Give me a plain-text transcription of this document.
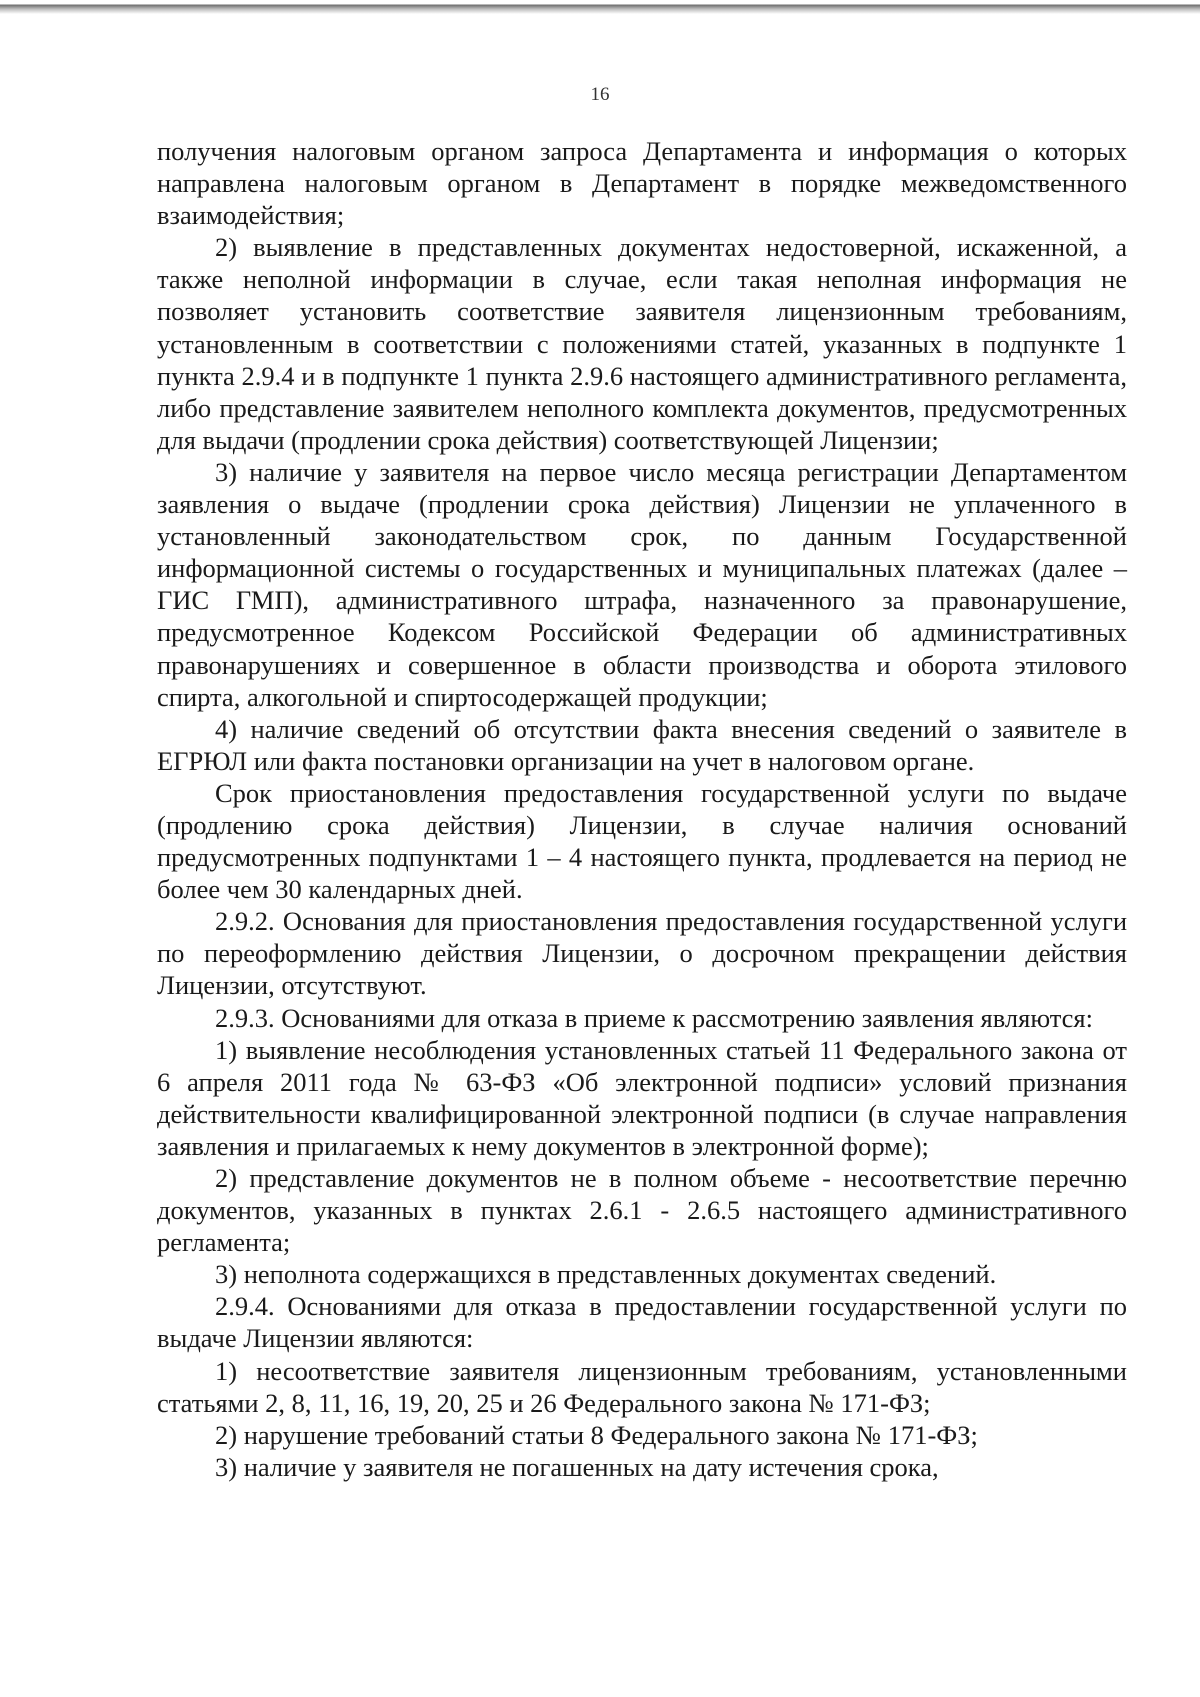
16

получения налоговым органом запроса Департамента и информация о которых направлена налоговым органом в Департамент в порядке межведомственного взаимодействия;

2) выявление в представленных документах недостоверной, искаженной, а также неполной информации в случае, если такая неполная информация не позволяет установить соответствие заявителя лицензионным требованиям, установленным в соответствии с положениями статей, указанных в подпункте 1 пункта 2.9.4 и в подпункте 1 пункта 2.9.6 настоящего административного регламента, либо представление заявителем неполного комплекта документов, предусмотренных для выдачи (продлении срока действия) соответствующей Лицензии;

3) наличие у заявителя на первое число месяца регистрации Департаментом заявления о выдаче (продлении срока действия) Лицензии не уплаченного в установленный законодательством срок, по данным Государственной информационной системы о государственных и муниципальных платежах (далее – ГИС ГМП), административного штрафа, назначенного за правонарушение, предусмотренное Кодексом Российской Федерации об административных правонарушениях и совершенное в области производства и оборота этилового спирта, алкогольной и спиртосодержащей продукции;

4) наличие сведений об отсутствии факта внесения сведений о заявителе в ЕГРЮЛ или факта постановки организации на учет в налоговом органе.

Срок приостановления предоставления государственной услуги по выдаче (продлению срока действия) Лицензии, в случае наличия оснований предусмотренных подпунктами 1 – 4 настоящего пункта, продлевается на период не более чем 30 календарных дней.

2.9.2. Основания для приостановления предоставления государственной услуги по переоформлению действия Лицензии, о досрочном прекращении действия Лицензии, отсутствуют.

2.9.3. Основаниями для отказа в приеме к рассмотрению заявления являются:

1) выявление несоблюдения установленных статьей 11 Федерального закона от 6 апреля 2011 года № 63-ФЗ «Об электронной подписи» условий признания действительности квалифицированной электронной подписи (в случае направления заявления и прилагаемых к нему документов в электронной форме);

2) представление документов не в полном объеме - несоответствие перечню документов, указанных в пунктах 2.6.1 - 2.6.5 настоящего административного регламента;

3) неполнота содержащихся в представленных документах сведений.

2.9.4. Основаниями для отказа в предоставлении государственной услуги по выдаче Лицензии являются:

1) несоответствие заявителя лицензионным требованиям, установленными статьями 2, 8, 11, 16, 19, 20, 25 и 26 Федерального закона № 171-ФЗ;

2) нарушение требований статьи 8 Федерального закона № 171-ФЗ;

3) наличие у заявителя не погашенных на дату истечения срока,
